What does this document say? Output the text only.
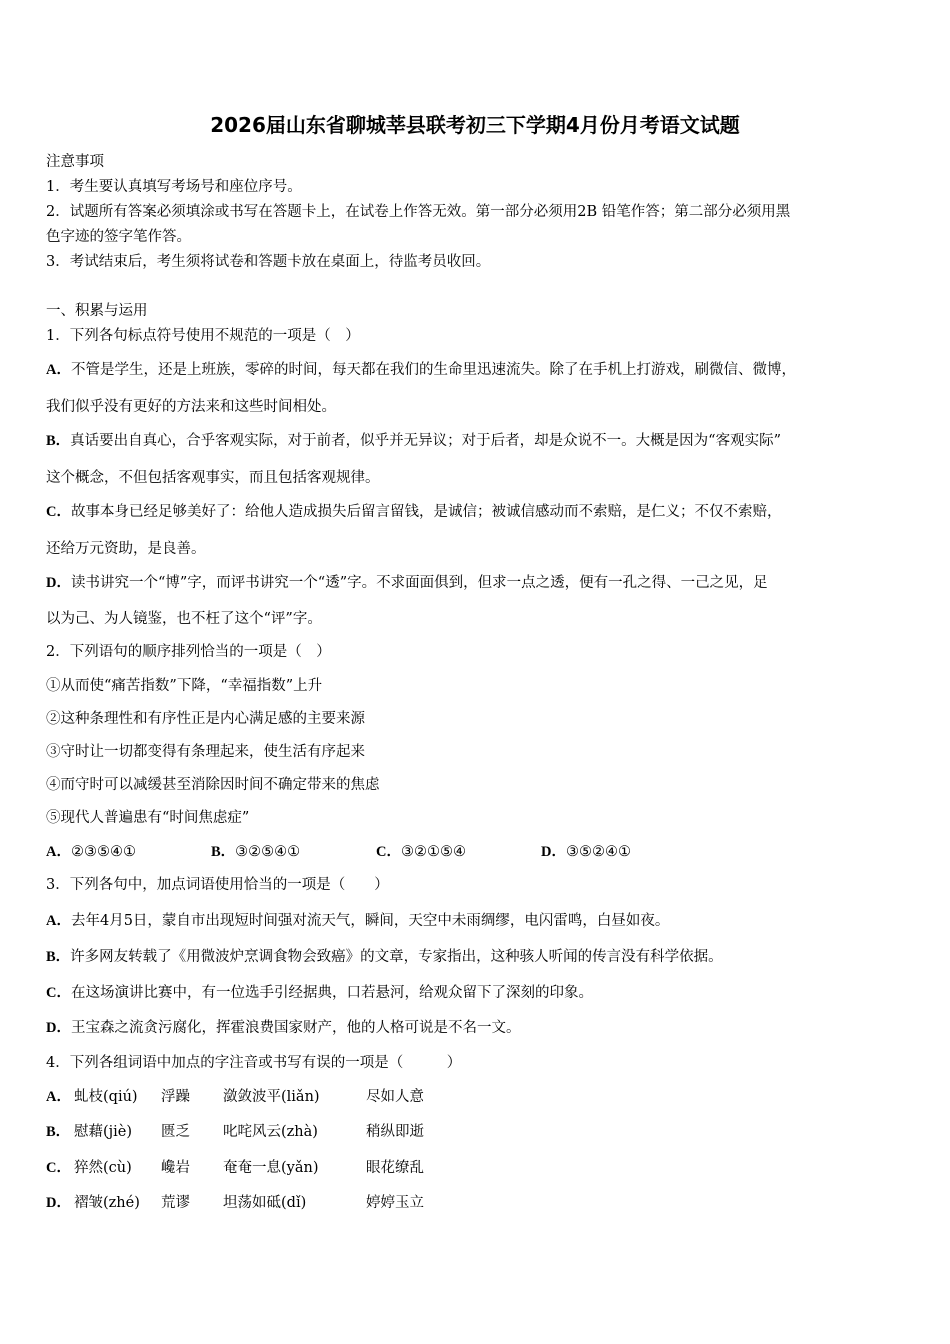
2026届山东省聊城莘县联考初三下学期4月份月考语文试题
注意事项
1．考生要认真填写考场号和座位序号。
2．试题所有答案必须填涂或书写在答题卡上，在试卷上作答无效。第一部分必须用2B 铅笔作答；第二部分必须用黑
色字迹的签字笔作答。
3．考试结束后，考生须将试卷和答题卡放在桌面上，待监考员收回。
一、积累与运用
1．下列各句标点符号使用不规范的一项是（　）
A．不管是学生，还是上班族，零碎的时间，每天都在我们的生命里迅速流失。除了在手机上打游戏，刷微信、微博，
我们似乎没有更好的方法来和这些时间相处。
B．真话要出自真心，合乎客观实际，对于前者，似乎并无异议；对于后者，却是众说不一。大概是因为“客观实际”
这个概念，不但包括客观事实，而且包括客观规律。
C．故事本身已经足够美好了：给他人造成损失后留言留钱，是诚信；被诚信感动而不索赔，是仁义；不仅不索赔，
还给万元资助，是良善。
D．读书讲究一个“博”字，而评书讲究一个“透”字。不求面面俱到，但求一点之透，便有一孔之得、一己之见，足
以为己、为人镜鉴，也不枉了这个“评”字。
2．下列语句的顺序排列恰当的一项是（　）
①从而使“痛苦指数”下降，“幸福指数”上升
②这种条理性和有序性正是内心满足感的主要来源
③守时让一切都变得有条理起来，使生活有序起来
④而守时可以减缓甚至消除因时间不确定带来的焦虑
⑤现代人普遍患有“时间焦虑症”
A．②③⑤④①	B．③②⑤④①	C．③②①⑤④	D．③⑤②④①
3．下列各句中，加点词语使用恰当的一项是（　　）
A．去年4月5日，蒙自市出现短时间强对流天气，瞬间，天空中未雨绸缪，电闪雷鸣，白昼如夜。
B．许多网友转载了《用微波炉烹调食物会致癌》的文章，专家指出，这种骇人听闻的传言没有科学依据。
C．在这场演讲比赛中，有一位选手引经据典，口若悬河，给观众留下了深刻的印象。
D．王宝森之流贪污腐化，挥霍浪费国家财产，他的人格可说是不名一文。
4．下列各组词语中加点的字注音或书写有误的一项是（　　　）
A． 虬枝(qiú) 浮躁 潋敛波平(liǎn)	尽如人意
B． 慰藉(jiè) 匮乏 叱咤风云(zhà)	稍纵即逝
C． 猝然(cù) 巉岩 奄奄一息(yǎn)	眼花缭乱
D． 褶皱(zhé) 荒谬 坦荡如砥(dǐ)	婷婷玉立
